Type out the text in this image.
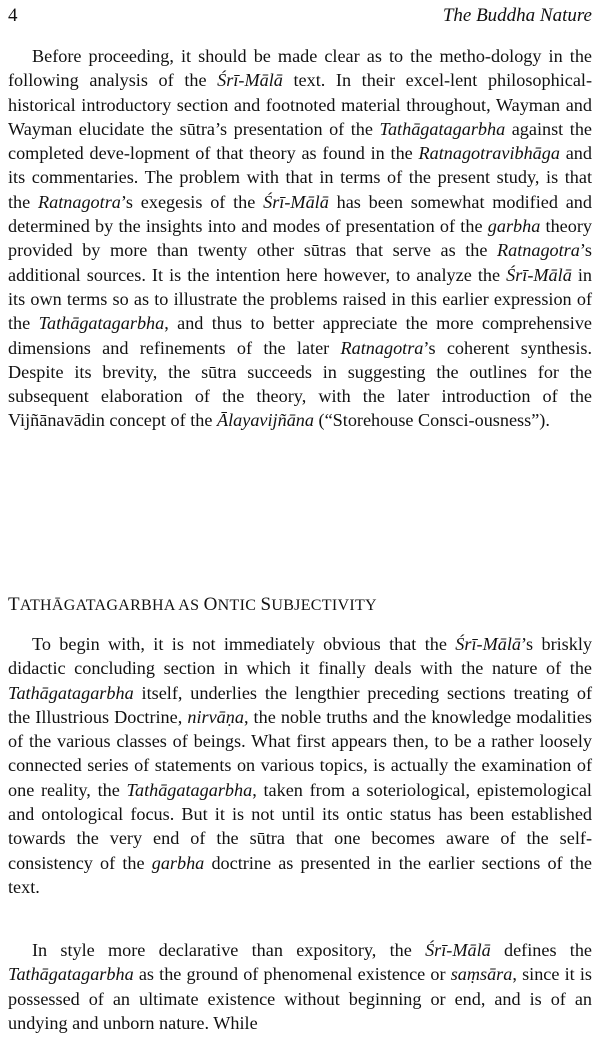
4	The Buddha Nature

Before proceeding, it should be made clear as to the metho-dology in the following analysis of the Śrī-Mālā text. In their excel-lent philosophical-historical introductory section and footnoted material throughout, Wayman and Wayman elucidate the sūtra’s presentation of the Tathāgatagarbha against the completed deve-lopment of that theory as found in the Ratnagotravibhāga and its commentaries. The problem with that in terms of the present study, is that the Ratnagotra’s exegesis of the Śrī-Mālā has been somewhat modified and determined by the insights into and modes of presentation of the garbha theory provided by more than twenty other sūtras that serve as the Ratnagotra’s additional sources. It is the intention here however, to analyze the Śrī-Mālā in its own terms so as to illustrate the problems raised in this earlier expression of the Tathāgatagarbha, and thus to better appreciate the more comprehensive dimensions and refinements of the later Ratnagotra’s coherent synthesis. Despite its brevity, the sūtra succeeds in suggesting the outlines for the subsequent elaboration of the theory, with the later introduction of the Vijñānavādin concept of the Ālayavijñāna (“Storehouse Consci-ousness”).

TATHĀGATAGARBHA AS ONTIC SUBJECTIVITY

To begin with, it is not immediately obvious that the Śrī-Mālā’s briskly didactic concluding section in which it finally deals with the nature of the Tathāgatagarbha itself, underlies the lengthier preceding sections treating of the Illustrious Doctrine, nirvāṇa, the noble truths and the knowledge modalities of the various classes of beings. What first appears then, to be a rather loosely connected series of statements on various topics, is actually the examination of one reality, the Tathāgatagarbha, taken from a soteriological, epistemological and ontological focus. But it is not until its ontic status has been established towards the very end of the sūtra that one becomes aware of the self-consistency of the garbha doctrine as presented in the earlier sections of the text.

In style more declarative than expository, the Śrī-Mālā defines the Tathāgatagarbha as the ground of phenomenal existence or saṃsāra, since it is possessed of an ultimate existence without beginning or end, and is of an undying and unborn nature. While
